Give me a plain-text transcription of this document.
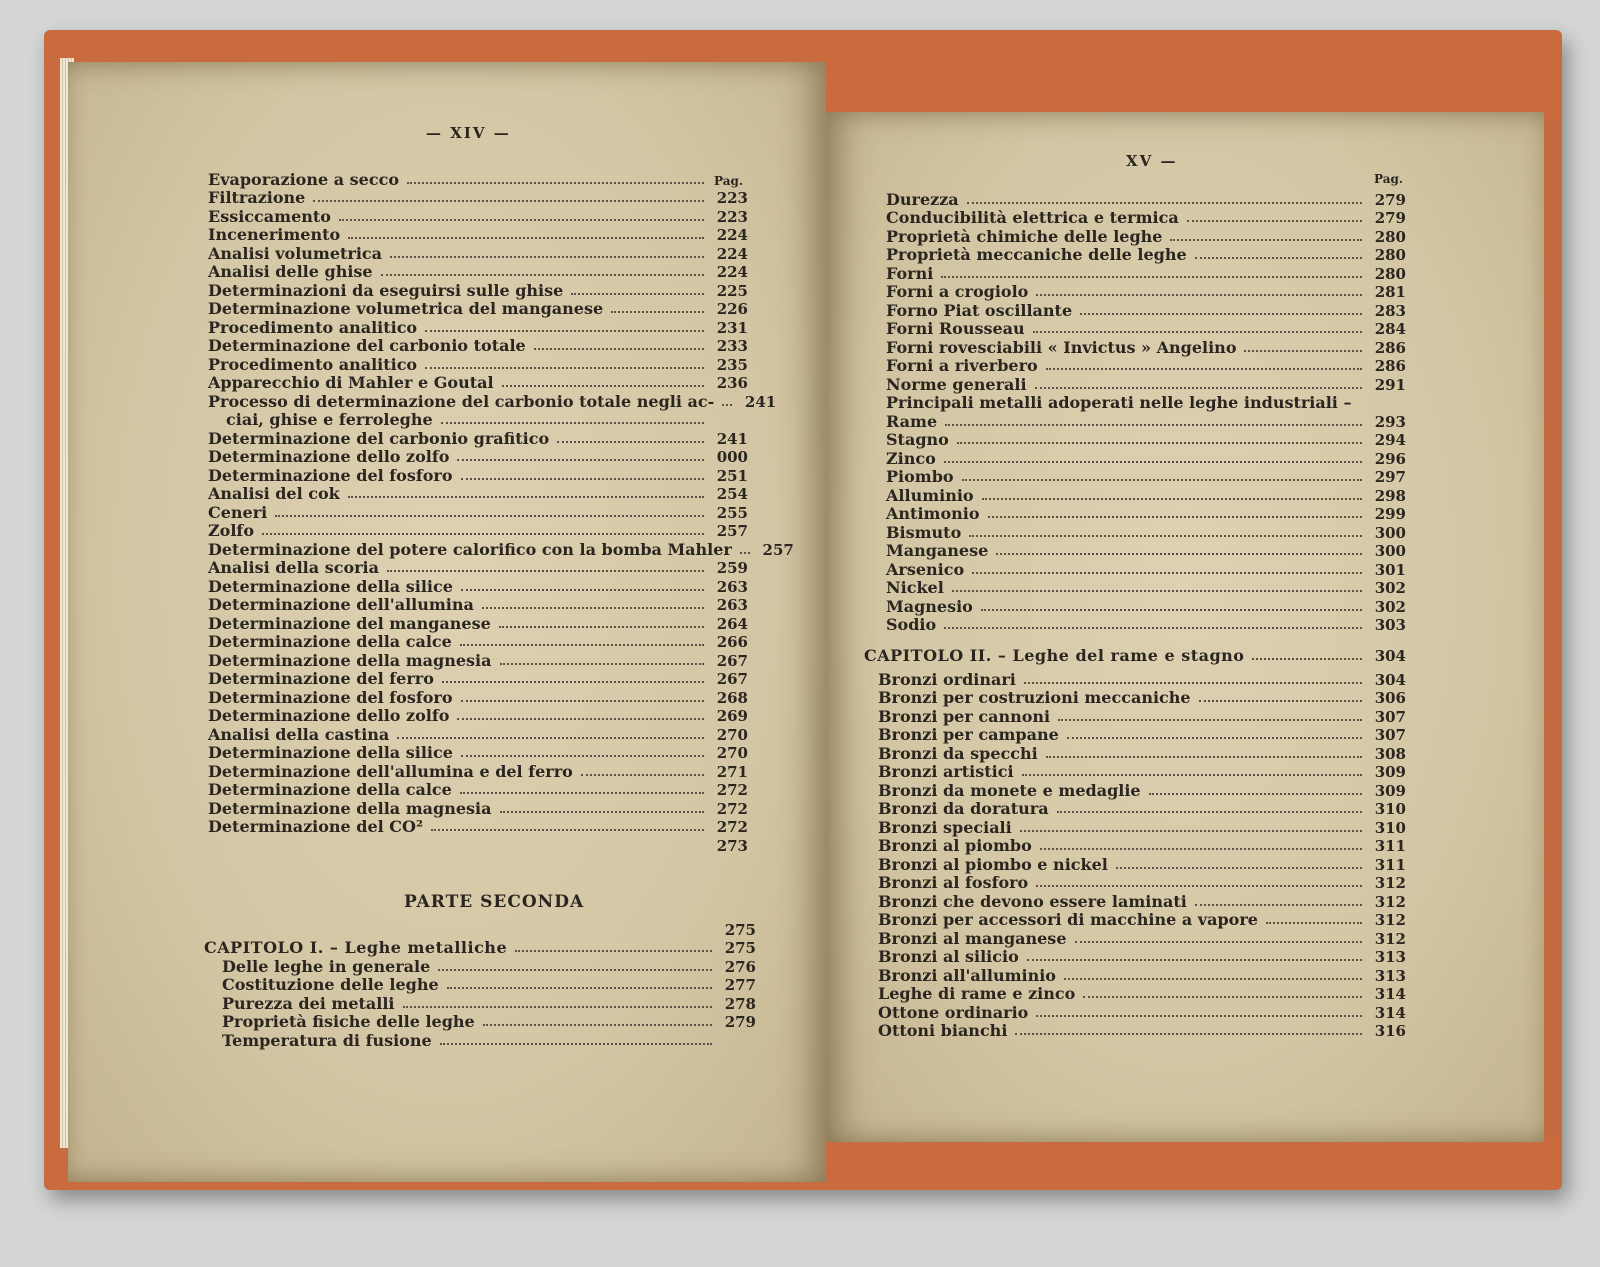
— XIV —
Pag.
Evaporazione a secco
Filtrazione	223
Essiccamento	223
Incenerimento	224
Analisi volumetrica	224
Analisi delle ghise	224
Determinazioni da eseguirsi sulle ghise	225
Determinazione volumetrica del manganese	226
Procedimento analitico	231
Determinazione del carbonio totale	233
Procedimento analitico	235
Apparecchio di Mahler e Goutal	236
Processo di determinazione del carbonio totale negli ac-	241
ciai, ghise e ferroleghe
Determinazione del carbonio grafitico	241
Determinazione dello zolfo	000
Determinazione del fosforo	251
Analisi del cok	254
Ceneri	255
Zolfo	257
Determinazione del potere calorifico con la bomba Mahler	257
Analisi della scoria	259
Determinazione della silice	263
Determinazione dell'allumina	263
Determinazione del manganese	264
Determinazione della calce	266
Determinazione della magnesia	267
Determinazione del ferro	267
Determinazione del fosforo	268
Determinazione dello zolfo	269
Analisi della castina	270
Determinazione della silice	270
Determinazione dell'allumina e del ferro	271
Determinazione della calce	272
Determinazione della magnesia	272
Determinazione del CO²	272
273
PARTE SECONDA
275
CAPITOLO I. – Leghe metalliche	275
Delle leghe in generale	276
Costituzione delle leghe	277
Purezza dei metalli	278
Proprietà fisiche delle leghe	279
Temperatura di fusione
XV —
Pag.
Durezza	279
Conducibilità elettrica e termica	279
Proprietà chimiche delle leghe	280
Proprietà meccaniche delle leghe	280
Forni	280
Forni a crogiolo	281
Forno Piat oscillante	283
Forni Rousseau	284
Forni rovesciabili « Invictus » Angelino	286
Forni a riverbero	286
Norme generali	291
Principali metalli adoperati nelle leghe industriali –
Rame	293
Stagno	294
Zinco	296
Piombo	297
Alluminio	298
Antimonio	299
Bismuto	300
Manganese	300
Arsenico	301
Nickel	302
Magnesio	302
Sodio	303
CAPITOLO II. – Leghe del rame e stagno	304
Bronzi ordinari	304
Bronzi per costruzioni meccaniche	306
Bronzi per cannoni	307
Bronzi per campane	307
Bronzi da specchi	308
Bronzi artistici	309
Bronzi da monete e medaglie	309
Bronzi da doratura	310
Bronzi speciali	310
Bronzi al piombo	311
Bronzi al piombo e nickel	311
Bronzi al fosforo	312
Bronzi che devono essere laminati	312
Bronzi per accessori di macchine a vapore	312
Bronzi al manganese	312
Bronzi al silicio	313
Bronzi all'alluminio	313
Leghe di rame e zinco	314
Ottone ordinario	314
Ottoni bianchi	316
